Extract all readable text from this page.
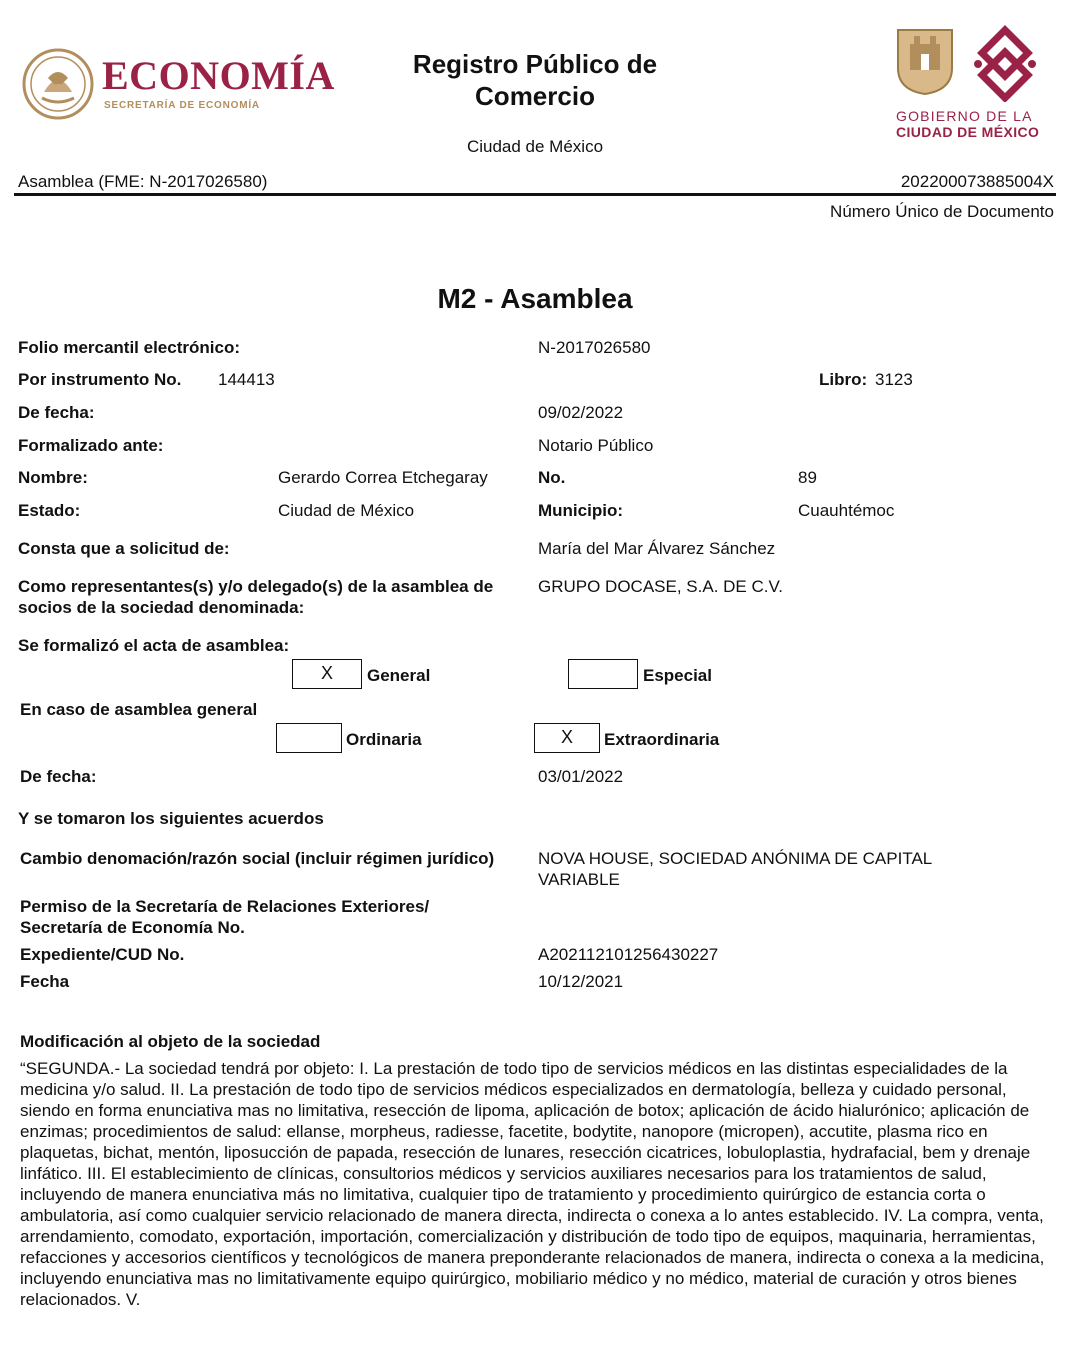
ECONOMÍA
SECRETARÍA DE ECONOMÍA
Registro Público de
Comercio
Ciudad de México
GOBIERNO DE LA
CIUDAD DE MÉXICO
Asamblea (FME: N-2017026580)	202200073885004X
Número Único de Documento
M2 - Asamblea
Folio mercantil electrónico:	N-2017026580
Por instrumento No. 144413	Libro: 3123
De fecha:	09/02/2022
Formalizado ante:	Notario Público
Nombre:	Gerardo Correa Etchegaray	No.	89
Estado:	Ciudad de México	Municipio:	Cuauhtémoc
Consta que a solicitud de:	María del Mar Álvarez Sánchez
Como representantes(s) y/o delegado(s) de la asamblea de
socios de la sociedad denominada:
GRUPO DOCASE, S.A. DE C.V.
Se formalizó el acta de asamblea:
X	General	Especial
En caso de asamblea general
Ordinaria	X	Extraordinaria
De fecha:	03/01/2022
Y se tomaron los siguientes acuerdos
Cambio denomación/razón social (incluir régimen jurídico)	NOVA HOUSE, SOCIEDAD ANÓNIMA DE CAPITAL
VARIABLE
Permiso de la Secretaría de Relaciones Exteriores/
Secretaría de Economía No.
Expediente/CUD No.	A202112101256430227
Fecha	10/12/2021
Modificación al objeto de la sociedad
“SEGUNDA.- La sociedad tendrá por objeto: I. La prestación de todo tipo de servicios médicos en las distintas especialidades de la medicina y/o salud. II. La prestación de todo tipo de servicios médicos especializados en dermatología, belleza y cuidado personal, siendo en forma enunciativa mas no limitativa, resección de lipoma, aplicación de botox; aplicación de ácido hialurónico; aplicación de enzimas; procedimientos de salud: ellanse, morpheus, radiesse, facetite, bodytite, nanopore (micropen), accutite, plasma rico en plaquetas, bichat, mentón, liposucción de papada, resección de lunares, resección cicatrices, lobuloplastia, hydrafacial, bem y drenaje linfático. III. El establecimiento de clínicas, consultorios médicos y servicios auxiliares necesarios para los tratamientos de salud, incluyendo de manera enunciativa más no limitativa, cualquier tipo de tratamiento y procedimiento quirúrgico de estancia corta o ambulatoria, así como cualquier servicio relacionado de manera directa, indirecta o conexa a lo antes establecido. IV. La compra, venta, arrendamiento, comodato, exportación, importación, comercialización y distribución de todo tipo de equipos, maquinaria, herramientas, refacciones y accesorios científicos y tecnológicos de manera preponderante relacionados de manera, indirecta o conexa a la medicina, incluyendo enunciativa mas no limitativamente equipo quirúrgico, mobiliario médico y no médico, material de curación y otros bienes relacionados. V.
